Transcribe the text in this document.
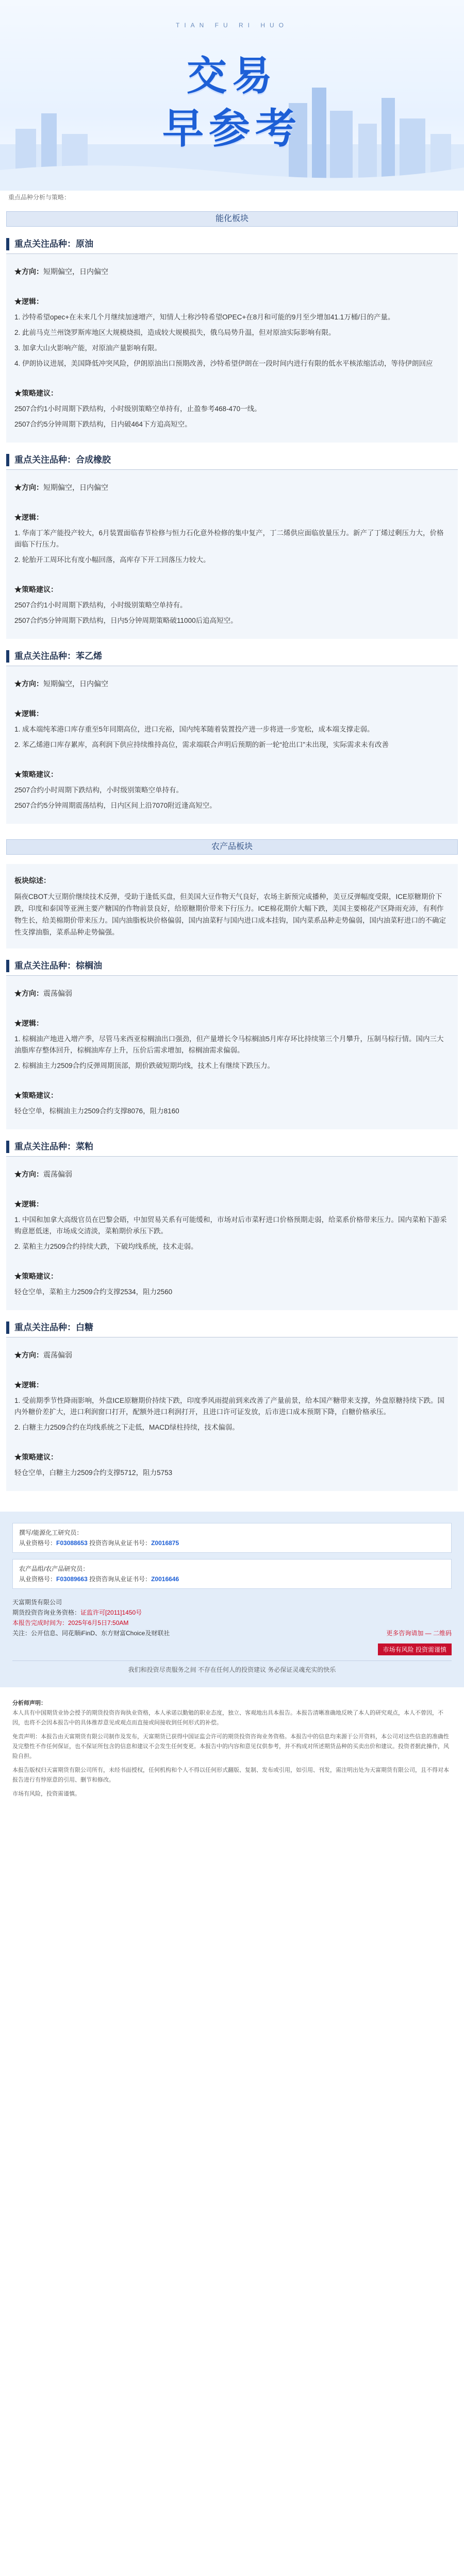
TIAN FU RI HUO
交易
早参考
重点品种分析与策略：
能化板块
重点关注品种：原油
★方向：短期偏空，日内偏空
★逻辑：

1. 沙特希望opec+在未来几个月继续加速增产，知情人士称沙特希望OPEC+在8月和可能的9月至少增加41.1万桶/日的产量。

2. 此前马克兰州饶罗斯库地区大规模烧损，造成较大规模损失，俄乌局势升温，但对原油实际影响有限。

3. 加拿大山火影响产能，对原油产量影响有限。

4. 伊朗协议进展，美国降低冲突风险，伊朗原油出口预期改善，沙特希望伊朗在一段时间内进行有限的低水平核浓缩活动，等待伊朗回应

★策略建议：

2507合约1小时周期下跌结构，小时级别策略空单持有，止盈参考468-470一线。

2507合约5分钟周期下跌结构，日内破464下方追高短空。

重点关注品种：合成橡胶
★方向：短期偏空，日内偏空
★逻辑：

1. 华南丁苯产能投产较大，6月装置面临春节检修与恒力石化意外检修的集中复产，丁二烯供应面临放量压力。新产了丁烯过剩压力大，价格面临下行压力。

2. 轮胎开工周环比有度小幅回落，高库存下开工回落压力较大。

★策略建议：

2507合约1小时周期下跌结构，小时级别策略空单持有。

2507合约5分钟周期下跌结构，日内5分钟周期策略破11000后追高短空。

重点关注品种：苯乙烯
★方向：短期偏空，日内偏空
★逻辑：

1. 成本端纯苯港口库存重至5年同期高位，进口充裕，国内纯苯随着装置投产进一步将进一步宽松，成本端支撑走弱。

2. 苯乙烯港口库存累库，高利润下供应持续维持高位，需求端联合声明后预期的新一轮“抢出口”未出现，实际需求未有改善

★策略建议：

2507合约小时周期下跌结构，小时级别策略空单持有。

2507合约5分钟周期震荡结构，日内区间上沿7070附近逢高短空。

农产品板块
板块综述：

隔夜CBOT大豆期价继续技术反弹，受助于逢低买盘，但美国大豆作物天气良好，农场主新预完成播种，美豆反弹幅度受限，ICE原糖期价下跌，印度和泰国等亚洲主要产糖国的作物前景良好，给原糖期价带来下行压力。ICE棉花期价大幅下跌，美国主要棉花产区降雨充沛，有利作物生长，给美棉期价带来压力。国内油脂板块价格偏弱，国内油菜籽与国内进口成本挂钩，国内菜系品种走势偏弱，国内油菜籽进口的不确定性支撑油脂，菜系品种走势偏强。

重点关注品种：棕榈油
★方向：震荡偏弱
★逻辑：

1. 棕榈油产地进入增产季，尽管马来西亚棕榈油出口强劲，但产量增长令马棕榈油5月库存环比持续第三个月攀升，压制马棕行情。国内三大油脂库存整体回升，棕榈油库存上升，压价后需求增加，棕榈油需求偏弱。

2. 棕榈油主力2509合约反弹周期顶部，期价跌破短期均线，技术上有继续下跌压力。

★策略建议：

轻仓空单，棕榈油主力2509合约支撑8076，阻力8160

重点关注品种：菜粕
★方向：震荡偏弱
★逻辑：

1. 中国和加拿大高级官员在巴黎会晤，中加贸易关系有可能缓和，市场对后市菜籽进口价格预期走弱，给菜系价格带来压力。国内菜粕下游采购意愿低迷，市场成交清淡，菜粕期价承压下跌。

2. 菜粕主力2509合约持续大跌，下破均线系统，技术走弱。

★策略建议：

轻仓空单，菜粕主力2509合约支撑2534，阻力2560

重点关注品种：白糖
★方向：震荡偏弱
★逻辑：

1. 受前期季节性降雨影响，外盘ICE原糖期价持续下跌，印度季风雨提前到来改善了产量前景，给本国产糖带来支撑，外盘原糖持续下跌。国内外糖价差扩大，进口利润窗口打开，配额外进口利润打开，且进口许可证发放，后市进口成本预期下降，白糖价格承压。

2. 白糖主力2509合约在均线系统之下走低，MACD绿柱持续，技术偏弱。

★策略建议：

轻仓空单，白糖主力2509合约支撑5712，阻力5753

撰写/能源化工研究员：
从业资格号：F03088653 投资咨询从业证书号：Z0016875
农产品组/农产品研究员：
从业资格号：F03089663 投资咨询从业证书号：Z0016646
天富期货有限公司
期货投资咨询业务资格：证监许可[2011]1450号
本报告完成时间为：2025年6月5日7:50AM
关注：公开信息、同花顺iFinD、东方财富Choice及财联社	更多咨询请加 — 二维码
市场有风险 投资需谨慎
我们和投资尽责服务之间 不存在任何人的投资建议 务必保证灵魂充实的快乐
分析师声明：
本人具有中国期货业协会授予的期货投资咨询执业资格，本人承诺以勤勉的职业态度，独立、客观地出具本报告。本报告清晰准确地反映了本人的研究观点，本人不曾因，不因，也将不会因本报告中的具体推荐意见或观点而直接或间接收到任何形式的补偿。
免责声明：本报告由天富期货有限公司制作及发布，天富期货已获得中国证监会许可的期货投资咨询业务资格。本报告中的信息均来源于公开资料，本公司对这些信息的准确性及完整性不作任何保证，也不保证所包含的信息和建议不会发生任何变更。本报告中的内容和意见仅供参考，并不构成对所述期货品种的买卖出价和建议。投资者据此操作，风险自担。
本报告版权归天富期货有限公司所有，未经书面授权，任何机构和个人不得以任何形式翻版、复制、发布或引用，如引用、刊发，需注明出处为天富期货有限公司，且不得对本报告进行有悖原意的引用、删节和修改。
市场有风险，投资需谨慎。
